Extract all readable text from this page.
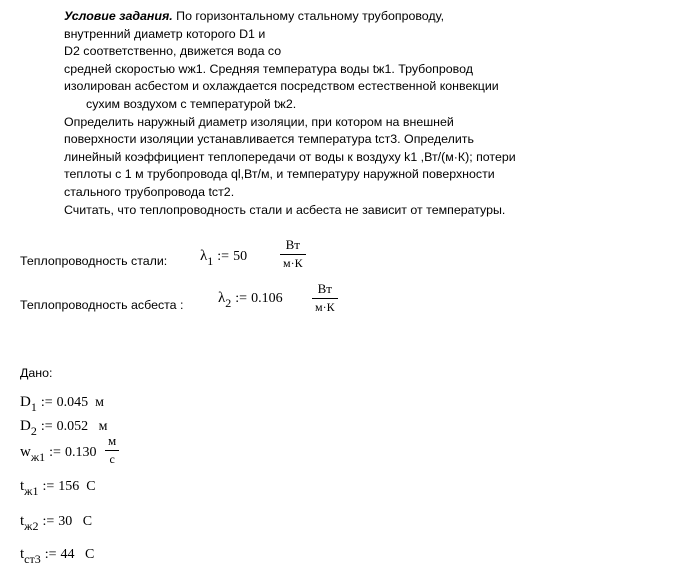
Условие задания. По горизонтальному стальному трубопроводу,
внутренний диаметр которого D1 и
D2 соответственно, движется вода со
средней скоростью wж1. Средняя температура воды tж1. Трубопровод
изолирован асбестом и охлаждается посредством естественной конвекции
сухим воздухом с температурой tж2.
Определить наружный диаметр изоляции, при котором на внешней
поверхности изоляции устанавливается температура tст3. Определить
линейный коэффициент теплопередачи от воды к воздуху k1 ,Вт/(м·К); потери
теплоты с 1 м трубопровода ql,Вт/м, и температуру наружной поверхности
стального трубопровода tст2.
Считать, что теплопроводность стали и асбеста не зависит от температуры.
Теплопроводность стали: λ1 := 50
Вт
м·К
Теплопроводность асбеста : λ2 := 0.106
Вт
м·К
Дано:
D1 := 0.045 м
D2 := 0.052 м
wж1 := 0.130
м
с
tж1 := 156 C
tж2 := 30 C
tст3 := 44 C
